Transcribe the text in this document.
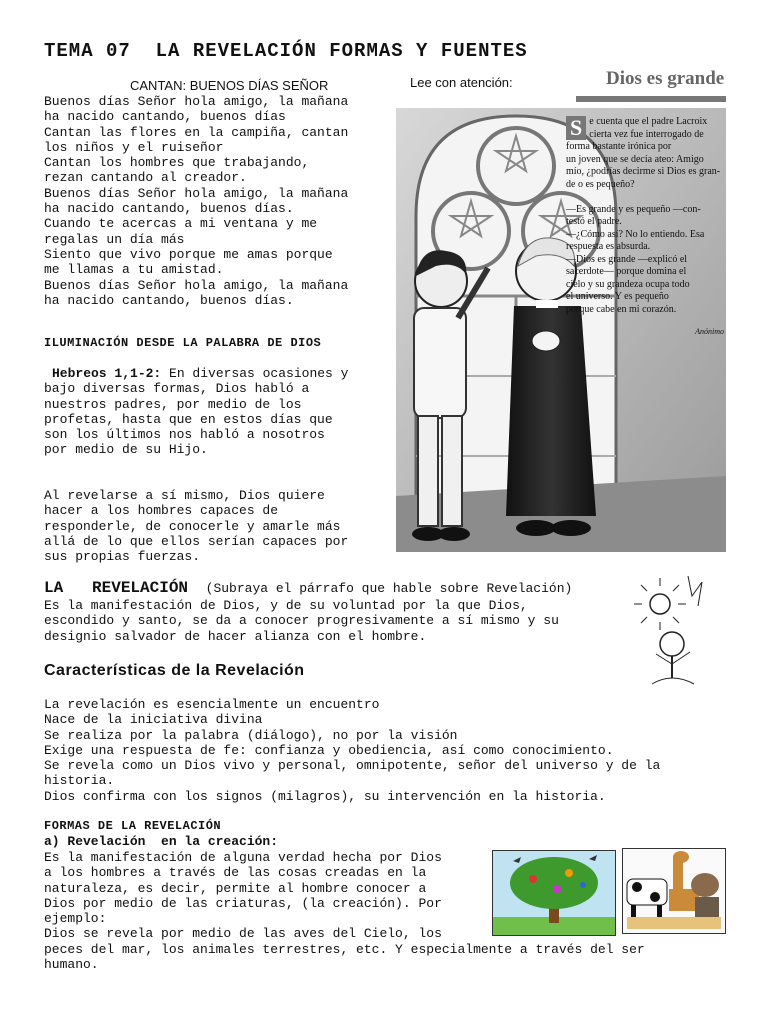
TEMA 07  LA REVELACIÓN FORMAS Y FUENTES
CANTAN: BUENOS DÍAS SEÑOR	Lee con atención:
Buenos días Señor hola amigo, la mañana
ha nacido cantando, buenos días
Cantan las flores en la campiña, cantan
los niños y el ruiseñor
Cantan los hombres que trabajando,
rezan cantando al creador.
Buenos días Señor hola amigo, la mañana
ha nacido cantando, buenos días.
Cuando te acercas a mi ventana y me
regalas un día más
Siento que vivo porque me amas porque
me llamas a tu amistad.
Buenos días Señor hola amigo, la mañana
ha nacido cantando, buenos días.
Dios es grande
S e cuenta que el padre Lacroix
cierta vez fue interrogado de
forma bastante irónica por
un joven que se decía ateo: Amigo
mío, ¿podrías decirme si Dios es gran-
de o es pequeño?

—Es grande y es pequeño —con-
testó el padre.
—¿Cómo así? No lo entiendo. Esa
respuesta es absurda.
—Dios es grande —explicó el
sacerdote— porque domina el
cielo y su grandeza ocupa todo
el universo. Y es pequeño
porque cabe en mi corazón.
Anónimo
ILUMINACIÓN DESDE LA PALABRA DE DIOS
Hebreos 1,1-2: En diversas ocasiones y
bajo diversas formas, Dios habló a
nuestros padres, por medio de los
profetas, hasta que en estos días que
son los últimos nos habló a nosotros
por medio de su Hijo.
Al revelarse a sí mismo, Dios quiere
hacer a los hombres capaces de
responderle, de conocerle y amarle más
allá de lo que ellos serían capaces por
sus propias fuerzas.
LA   REVELACIÓN (Subraya el párrafo que hable sobre Revelación)
Es la manifestación de Dios, y de su voluntad por la que Dios,
escondido y santo, se da a conocer progresivamente a sí mismo y su
designio salvador de hacer alianza con el hombre.
Características de la Revelación
La revelación es esencialmente un encuentro
Nace de la iniciativa divina
Se realiza por la palabra (diálogo), no por la visión
Exige una respuesta de fe: confianza y obediencia, así como conocimiento.
Se revela como un Dios vivo y personal, omnipotente, señor del universo y de la
historia.
Dios confirma con los signos (milagros), su intervención en la historia.
FORMAS DE LA REVELACIÓN
a) Revelación  en la creación:
Es la manifestación de alguna verdad hecha por Dios
a los hombres a través de las cosas creadas en la
naturaleza, es decir, permite al hombre conocer a
Dios por medio de las criaturas, (la creación). Por
ejemplo:
Dios se revela por medio de las aves del Cielo, los
peces del mar, los animales terrestres, etc. Y especialmente a través del ser
humano.
